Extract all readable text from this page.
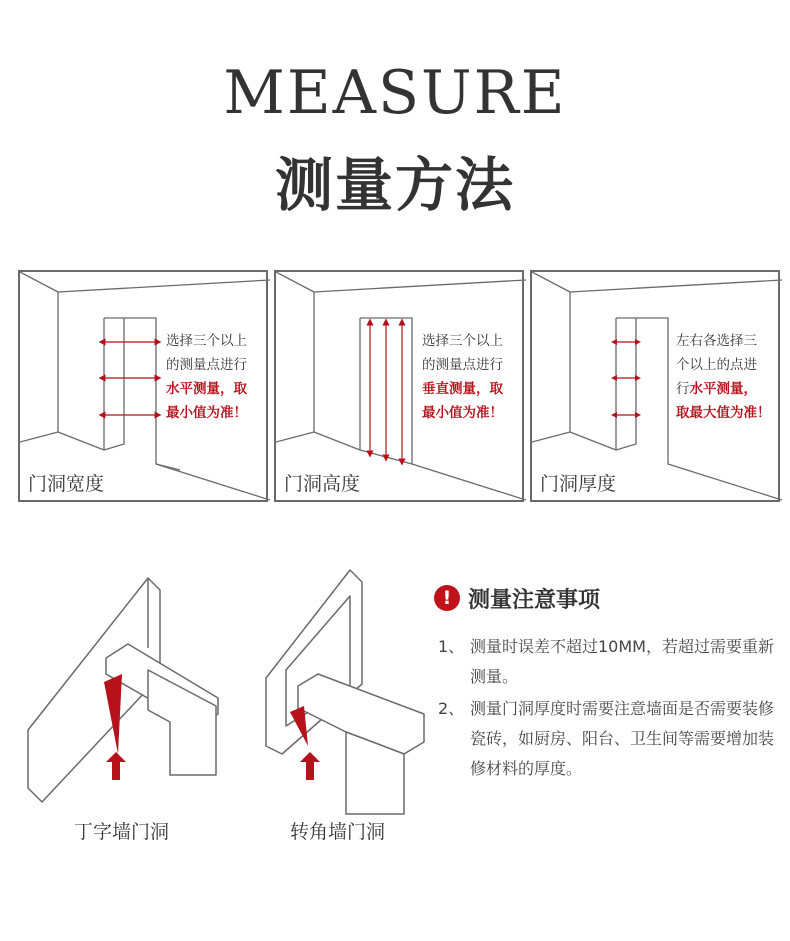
MEASURE
测量方法
选择三个以上
的测量点进行
水平测量，取
最小值为准！
门洞宽度
选择三个以上
的测量点进行
垂直测量，取
最小值为准！
门洞高度
左右各选择三
个以上的点进
行水平测量，
取最大值为准！
门洞厚度
丁字墙门洞	转角墙门洞
! 测量注意事项
1、 测量时误差不超过10MM，若超过需要重新测量。
2、 测量门洞厚度时需要注意墙面是否需要装修瓷砖，如厨房、阳台、卫生间等需要增加装修材料的厚度。
